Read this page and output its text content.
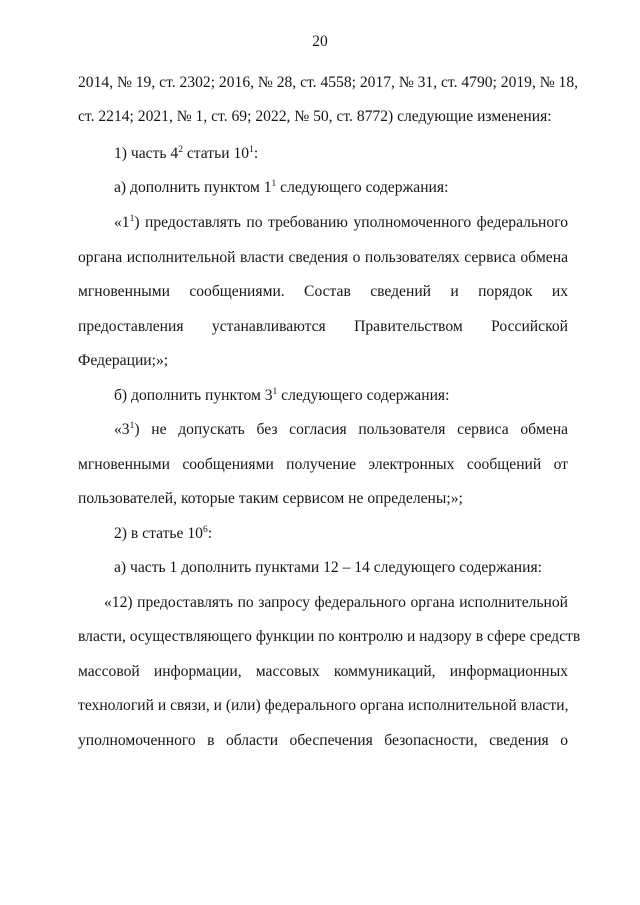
20
2014, № 19, ст. 2302; 2016, № 28, ст. 4558; 2017, № 31, ст. 4790; 2019, № 18,
ст. 2214; 2021, № 1, ст. 69; 2022, № 50, ст. 8772) следующие изменения:
1) часть $4^2$ статьи $10^1$:
а) дополнить пунктом $1^1$ следующего содержания:
«$1^1$) предоставлять по требованию уполномоченного федерального
органа исполнительной власти сведения о пользователях сервиса обмена
мгновенными сообщениями. Состав сведений и порядок их
предоставления устанавливаются Правительством Российской
Федерации;»;
б) дополнить пунктом $3^1$ следующего содержания:
«$3^1$) не допускать без согласия пользователя сервиса обмена
мгновенными сообщениями получение электронных сообщений от
пользователей, которые таким сервисом не определены;»;
2) в статье $10^6$:
а) часть 1 дополнить пунктами 12 – 14 следующего содержания:
«12) предоставлять по запросу федерального органа исполнительной
власти, осуществляющего функции по контролю и надзору в сфере средств
массовой информации, массовых коммуникаций, информационных
технологий и связи, и (или) федерального органа исполнительной власти,
уполномоченного в области обеспечения безопасности, сведения о
